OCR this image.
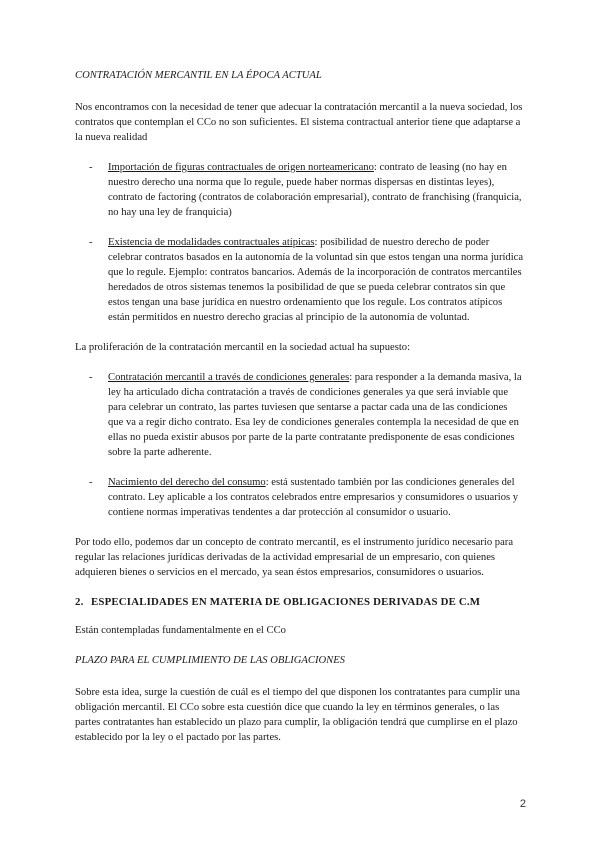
CONTRATACIÓN MERCANTIL EN LA ÉPOCA ACTUAL

Nos encontramos con la necesidad de tener que adecuar la contratación mercantil a la nueva sociedad, los contratos que contemplan el CCo no son suficientes. El sistema contractual anterior tiene que adaptarse a la nueva realidad

- Importación de figuras contractuales de origen norteamericano: contrato de leasing (no hay en nuestro derecho una norma que lo regule, puede haber normas dispersas en distintas leyes), contrato de factoring (contratos de colaboración empresarial), contrato de franchising (franquicia, no hay una ley de franquicia)
- Existencia de modalidades contractuales atípicas: posibilidad de nuestro derecho de poder celebrar contratos basados en la autonomía de la voluntad sin que estos tengan una norma jurídica que lo regule. Ejemplo: contratos bancarios. Además de la incorporación de contratos mercantiles heredados de otros sistemas tenemos la posibilidad de que se pueda celebrar contratos sin que estos tengan una base jurídica en nuestro ordenamiento que los regule. Los contratos atípicos están permitidos en nuestro derecho gracias al principio de la autonomía de voluntad.

La proliferación de la contratación mercantil en la sociedad actual ha supuesto:

- Contratación mercantil a través de condiciones generales: para responder a la demanda masiva, la ley ha articulado dicha contratación a través de condiciones generales ya que será inviable que para celebrar un contrato, las partes tuviesen que sentarse a pactar cada una de las condiciones que va a regir dicho contrato. Esa ley de condiciones generales contempla la necesidad de que en ellas no pueda existir abusos por parte de la parte contratante predisponente de esas condiciones sobre la parte adherente.
- Nacimiento del derecho del consumo: está sustentado también por las condiciones generales del contrato. Ley aplicable a los contratos celebrados entre empresarios y consumidores o usuarios y contiene normas imperativas tendentes a dar protección al consumidor o usuario.

Por todo ello, podemos dar un concepto de contrato mercantil, es el instrumento jurídico necesario para regular las relaciones jurídicas derivadas de la actividad empresarial de un empresario, con quienes adquieren bienes o servicios en el mercado, ya sean éstos empresarios, consumidores o usuarios.

2. ESPECIALIDADES EN MATERIA DE OBLIGACIONES DERIVADAS DE C.M

Están contempladas fundamentalmente en el CCo

PLAZO PARA EL CUMPLIMIENTO DE LAS OBLIGACIONES

Sobre esta idea, surge la cuestión de cuál es el tiempo del que disponen los contratantes para cumplir una obligación mercantil. El CCo sobre esta cuestión dice que cuando la ley en términos generales, o las partes contratantes han establecido un plazo para cumplir, la obligación tendrá que cumplirse en el plazo establecido por la ley o el pactado por las partes.

2
